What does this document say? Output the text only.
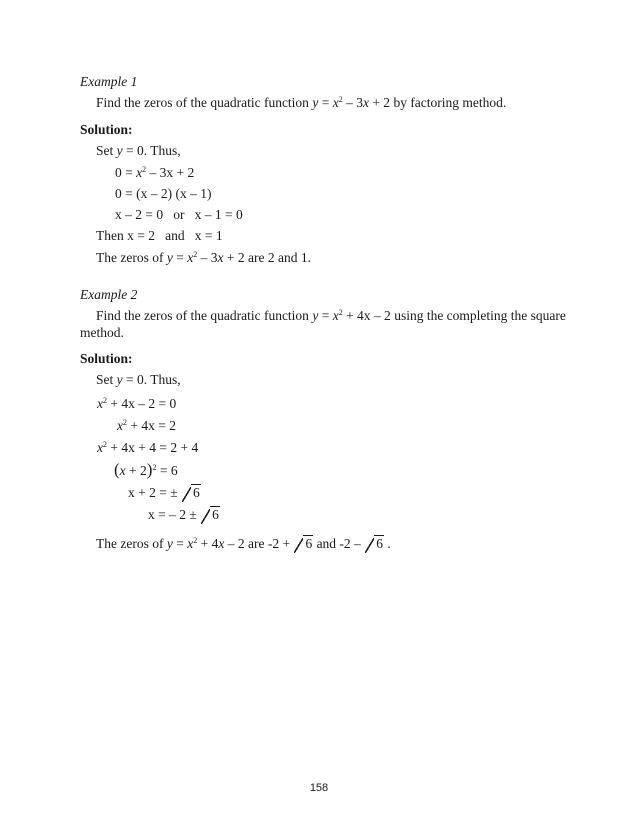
Example 1
Find the zeros of the quadratic function $y = x^2 - 3x + 2$ by factoring method.
Solution:
Set y = 0. Thus,
$0 = x^2 - 3x + 2$
0 = (x – 2) (x – 1)
x – 2 = 0   or   x – 1 = 0
Then x = 2   and   x = 1
The zeros of $y = x^2 - 3x + 2$ are 2 and 1.
Example 2
Find the zeros of the quadratic function $y = x^2 + 4x - 2$ using the completing the square
method.
Solution:
Set y = 0. Thus,
$x^2 + 4x - 2 = 0$
$x^2 + 4x = 2$
$x^2 + 4x + 4 = 2 + 4$
$(x + 2)^2 = 6$
x + 2 = ± 6
x = – 2 ± 6
The zeros of $y = x^2 + 4x - 2$ are -2 + 6 and -2 – 6 .
158
